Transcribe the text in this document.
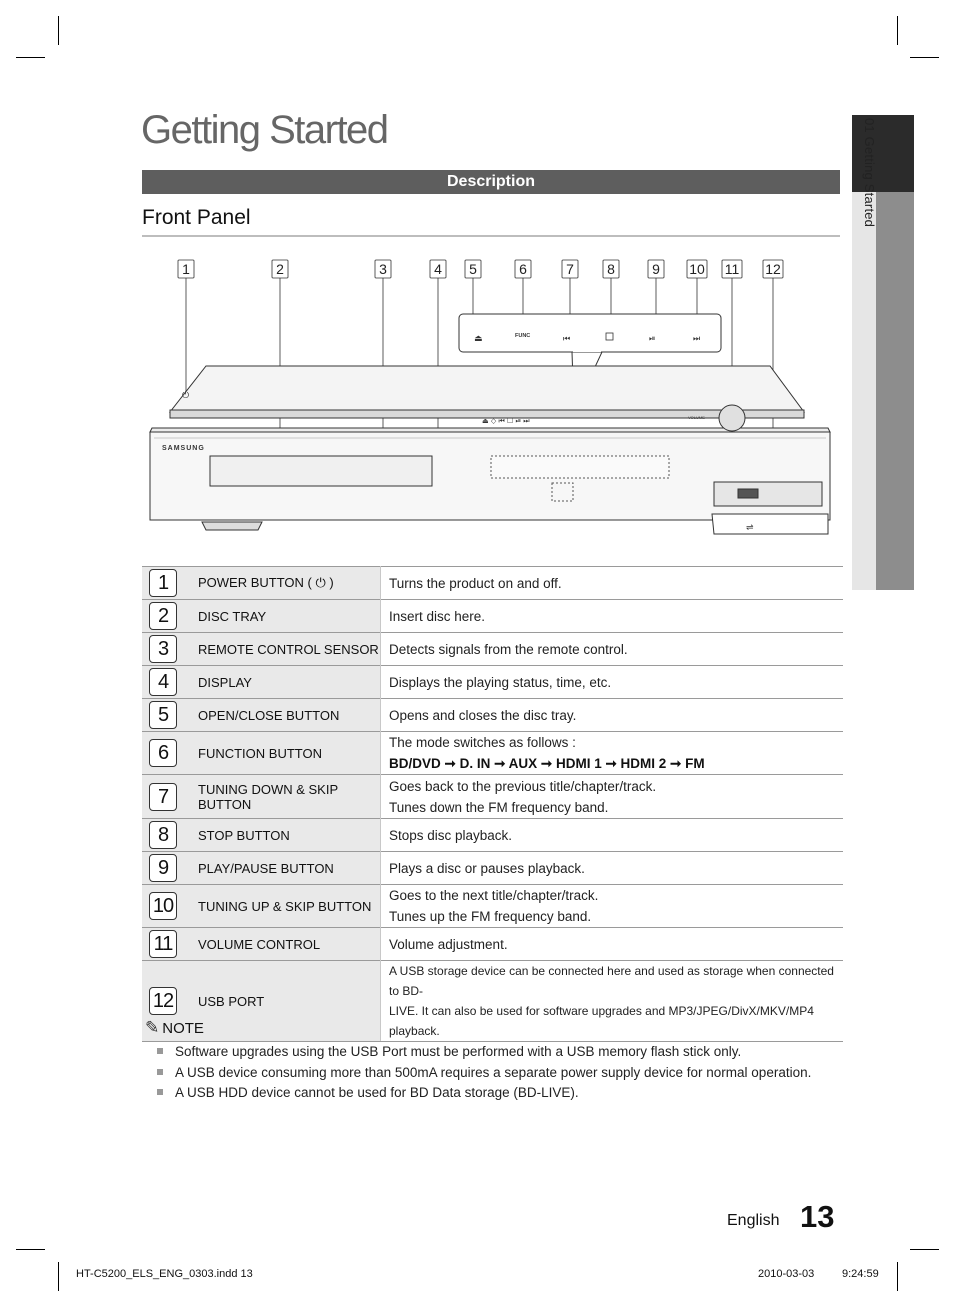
01 Getting Started
Getting Started
Description
Front Panel
1	2	3	4 5	6	7 8	9 10 11 12
⏏	FUNC	⏮	⏯	⏭
⏻
⏏ ◇ ⏮ ☐ ⏯ ⏭	VOLUME
SAMSUNG
⇌
1	POWER BUTTON ( ⏻ )	Turns the product on and off.

2	DISC TRAY	Insert disc here.

3	REMOTE CONTROL SENSOR	Detects signals from the remote control.

4	DISPLAY	Displays the playing status, time, etc.

5	OPEN/CLOSE BUTTON	Opens and closes the disc tray.

6	FUNCTION BUTTON	The mode switches as follows :
BD/DVD ➞ D. IN ➞ AUX ➞ HDMI 1 ➞ HDMI 2 ➞ FM

7	TUNING DOWN & SKIP BUTTON	Goes back to the previous title/chapter/track.
Tunes down the FM frequency band.

8	STOP BUTTON	Stops disc playback.

9	PLAY/PAUSE BUTTON	Plays a disc or pauses playback.

10	TUNING UP & SKIP BUTTON	Goes to the next title/chapter/track.
Tunes up the FM frequency band.

11	VOLUME CONTROL	Volume adjustment.

12	USB PORT	A USB storage device can be connected here and used as storage when connected to BD-
LIVE. It can also be used for software upgrades and MP3/JPEG/DivX/MKV/MP4 playback.
✎ NOTE
Software upgrades using the USB Port must be performed with a USB memory flash stick only.
A USB device consuming more than 500mA requires a separate power supply device for normal operation.
A USB HDD device cannot be used for BD Data storage (BD-LIVE).
English 13
HT-C5200_ELS_ENG_0303.indd 13	2010-03-03	9:24:59
